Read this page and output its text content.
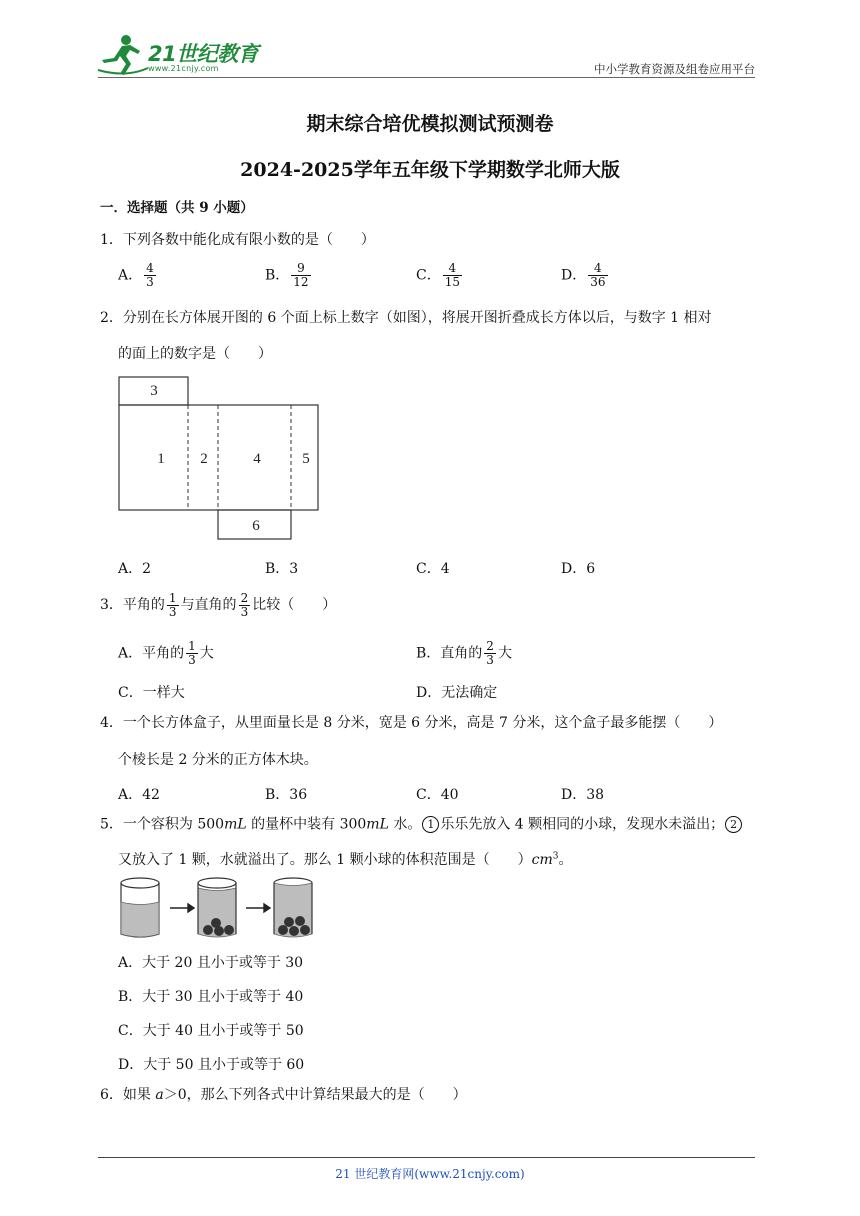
21世纪教育
www.21cnjy.com	中小学教育资源及组卷应用平台
期末综合培优模拟测试预测卷
2024-2025学年五年级下学期数学北师大版
一．选择题（共 9 小题）
1．下列各数中能化成有限小数的是（　　）
A． $\frac{4}{3}$	B． $\frac{9}{12}$	C． $\frac{4}{15}$	D． $\frac{4}{36}$
2．分别在长方体展开图的 6 个面上标上数字（如图），将展开图折叠成长方体以后，与数字 1 相对
的面上的数字是（　　）
3
1 2	4	5
6
A．2	B．3	C．4	D．6
3．平角的 $\frac{1}{3}$ 与直角的 $\frac{2}{3}$ 比较（　　）
A．平角的 $\frac{1}{3}$ 大	B．直角的 $\frac{2}{3}$ 大
C．一样大	D．无法确定
4．一个长方体盒子，从里面量长是 8 分米，宽是 6 分米，高是 7 分米，这个盒子最多能摆（　　）
个棱长是 2 分米的正方体木块。
A．42	B．36	C．40	D．38
5．一个容积为 500mL 的量杯中装有 300mL 水。 1 乐乐先放入 4 颗相同的小球，发现水未溢出； 2
又放入了 1 颗，水就溢出了。那么 1 颗小球的体积范围是（　　）$cm^3$。
A．大于 20 且小于或等于 30
B．大于 30 且小于或等于 40
C．大于 40 且小于或等于 50
D．大于 50 且小于或等于 60
6．如果 a＞0，那么下列各式中计算结果最大的是（　　）
21 世纪教育网(www.21cnjy.com)
